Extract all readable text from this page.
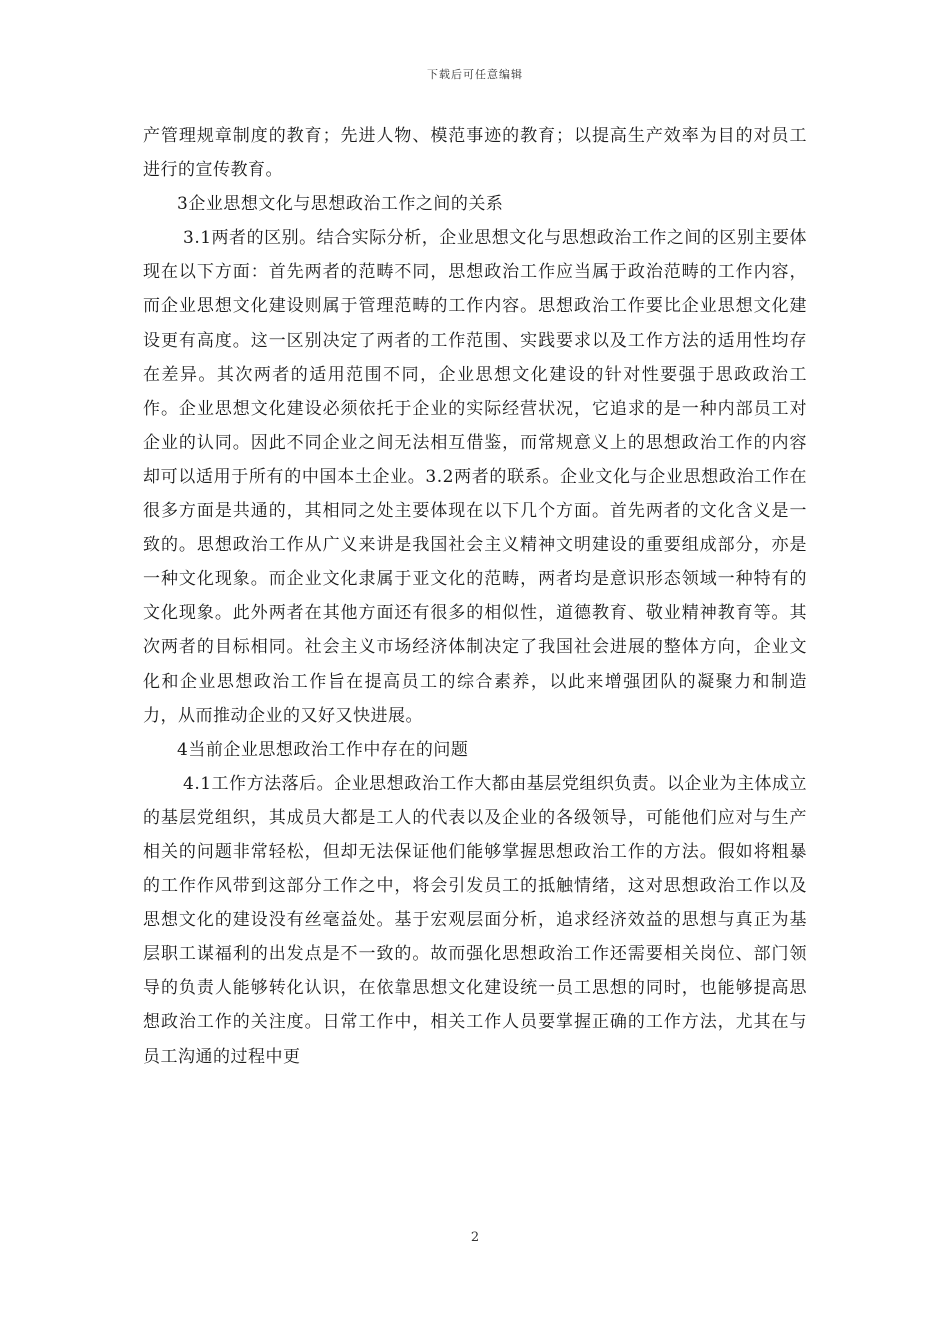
下载后可任意编辑

产管理规章制度的教育；先进人物、模范事迹的教育；以提高生产效率为目的对员工进行的宣传教育。

3企业思想文化与思想政治工作之间的关系

3.1两者的区别。结合实际分析，企业思想文化与思想政治工作之间的区别主要体现在以下方面：首先两者的范畴不同，思想政治工作应当属于政治范畴的工作内容，而企业思想文化建设则属于管理范畴的工作内容。思想政治工作要比企业思想文化建设更有高度。这一区别决定了两者的工作范围、实践要求以及工作方法的适用性均存在差异。其次两者的适用范围不同，企业思想文化建设的针对性要强于思政政治工作。企业思想文化建设必须依托于企业的实际经营状况，它追求的是一种内部员工对企业的认同。因此不同企业之间无法相互借鉴，而常规意义上的思想政治工作的内容却可以适用于所有的中国本土企业。3.2两者的联系。企业文化与企业思想政治工作在很多方面是共通的，其相同之处主要体现在以下几个方面。首先两者的文化含义是一致的。思想政治工作从广义来讲是我国社会主义精神文明建设的重要组成部分，亦是一种文化现象。而企业文化隶属于亚文化的范畴，两者均是意识形态领域一种特有的文化现象。此外两者在其他方面还有很多的相似性，道德教育、敬业精神教育等。其次两者的目标相同。社会主义市场经济体制决定了我国社会进展的整体方向，企业文化和企业思想政治工作旨在提高员工的综合素养，以此来增强团队的凝聚力和制造力，从而推动企业的又好又快进展。

4当前企业思想政治工作中存在的问题

4.1工作方法落后。企业思想政治工作大都由基层党组织负责。以企业为主体成立的基层党组织，其成员大都是工人的代表以及企业的各级领导，可能他们应对与生产相关的问题非常轻松，但却无法保证他们能够掌握思想政治工作的方法。假如将粗暴的工作作风带到这部分工作之中，将会引发员工的抵触情绪，这对思想政治工作以及思想文化的建设没有丝毫益处。基于宏观层面分析，追求经济效益的思想与真正为基层职工谋福利的出发点是不一致的。故而强化思想政治工作还需要相关岗位、部门领导的负责人能够转化认识，在依靠思想文化建设统一员工思想的同时，也能够提高思想政治工作的关注度。日常工作中，相关工作人员要掌握正确的工作方法，尤其在与员工沟通的过程中更

2
